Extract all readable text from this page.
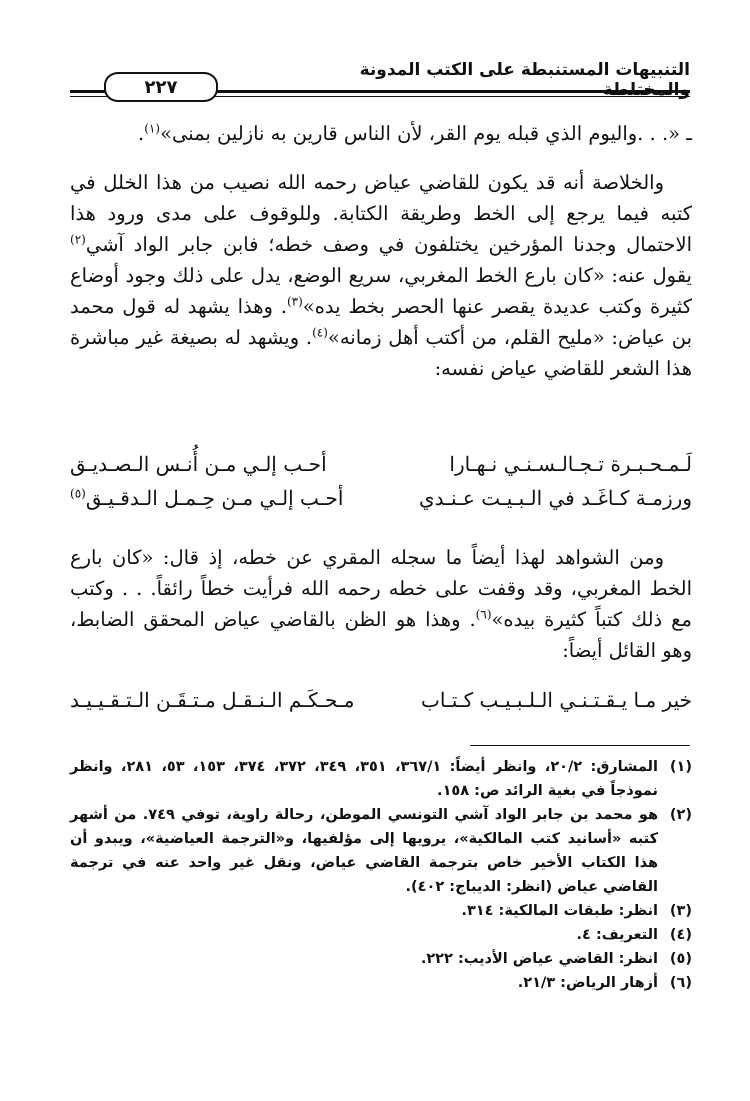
التنبيهات المستنبطة على الكتب المدونة
٢٢٧

ـ «. . .واليوم الذي قبله يوم القر، لأن الناس قارين به نازلين بمنى»$^{(١)}$.

والخلاصة أنه قد يكون للقاضي عياض رحمه الله نصيب من هذا الخلل في كتبه فيما يرجع إلى الخط وطريقة الكتابة. وللوقوف على مدى ورود هذا الاحتمال وجدنا المؤرخين يختلفون في وصف خطه؛ فابن جابر الواد آشي$^{(٢)}$ يقول عنه: «كان بارع الخط المغربي، سريع الوضع، يدل على ذلك وجود أوضاع كثيرة وكتب عديدة يقصر عنها الحصر بخط يده»$^{(٣)}$. وهذا يشهد له قول محمد بن عياض: «مليح القلم، من أكتب أهل زمانه»$^{(٤)}$. ويشهد له بصيغة غير مباشرة هذا الشعر للقاضي عياض نفسه:

لَـمـحـبـرة تـجـالـسـنـي نـهـارا
أحـب إلـي مـن أُنـس الـصـديـق
ورزمـة كـاغَـد في الـبـيـت عـنـدي
أحـب إلـي مـن حِـمـل الـدقـيـق$^{(٥)}$

ومن الشواهد لهذا أيضاً ما سجله المقري عن خطه، إذ قال: «كان بارع الخط المغربي، وقد وقفت على خطه رحمه الله فرأيت خطاً رائقاً. . . وكتب مع ذلك كتباً كثيرة بيده»$^{(٦)}$. وهذا هو الظن بالقاضي عياض المحقق الضابط، وهو القائل أيضاً:

خير مـا يـقـتـنـي الـلـبـيـب كـتـاب
مـحـكَـم الـنـقـل مـتـقَـن الـتـقـيـيـد
(١)
المشارق: ٢٠/٢، وانظر أيضاً: ٣٦٧/١، ٣٥١، ٣٤٩، ٣٧٢، ٣٧٤، ١٥٣، ٥٣، ٢٨١، وانظر نموذجاً في بغية الرائد ص: ١٥٨.
(٢)
هو محمد بن جابر الواد آشي التونسي الموطن، رحالة راوية، توفي ٧٤٩. من أشهر كتبه «أسانيد كتب المالكية»، يرويها إلى مؤلفيها، و«الترجمة العياضية»، ويبدو أن هذا الكتاب الأخير خاص بترجمة القاضي عياض، ونقل غير واحد عنه في ترجمة القاضي عياض (انظر: الديباج: ٤٠٢).
(٣)
انظر: طبقات المالكية: ٣١٤.
(٤)
التعريف: ٤.
(٥)
انظر: القاضي عياض الأديب: ٢٢٢.
(٦)
أزهار الرياض: ٢١/٣.
